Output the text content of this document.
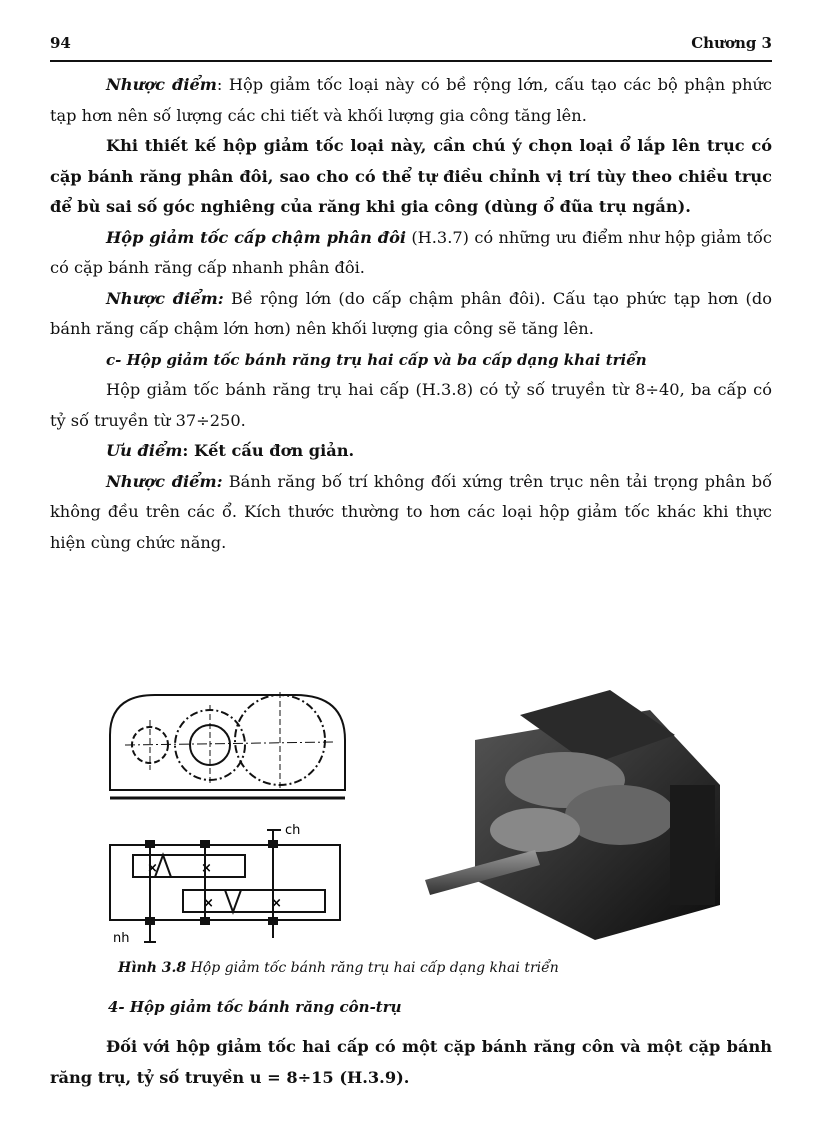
94	Chương 3

Nhược điểm: Hộp giảm tốc loại này có bề rộng lớn, cấu tạo các bộ phận phức tạp hơn nên số lượng các chi tiết và khối lượng gia công tăng lên.

Khi thiết kế hộp giảm tốc loại này, cần chú ý chọn loại ổ lắp lên trục có cặp bánh răng phân đôi, sao cho có thể tự điều chỉnh vị trí tùy theo chiều trục để bù sai số góc nghiêng của răng khi gia công (dùng ổ đũa trụ ngắn).

Hộp giảm tốc cấp chậm phân đôi (H.3.7) có những ưu điểm như hộp giảm tốc có cặp bánh răng cấp nhanh phân đôi.

Nhược điểm: Bề rộng lớn (do cấp chậm phân đôi). Cấu tạo phức tạp hơn (do bánh răng cấp chậm lớn hơn) nên khối lượng gia công sẽ tăng lên.

c- Hộp giảm tốc bánh răng trụ hai cấp và ba cấp dạng khai triển

Hộp giảm tốc bánh răng trụ hai cấp (H.3.8) có tỷ số truyền từ 8÷40, ba cấp có tỷ số truyền từ 37÷250.

Ưu điểm: Kết cấu đơn giản.

Nhược điểm: Bánh răng bố trí không đối xứng trên trục nên tải trọng phân bố không đều trên các ổ. Kích thước thường to hơn các loại hộp giảm tốc khác khi thực hiện cùng chức năng.

×	×
×	×
ch
nh
Hình 3.8 Hộp giảm tốc bánh răng trụ hai cấp dạng khai triển
4- Hộp giảm tốc bánh răng côn-trụ

Đối với hộp giảm tốc hai cấp có một cặp bánh răng côn và một cặp bánh răng trụ, tỷ số truyền u = 8÷15 (H.3.9).
